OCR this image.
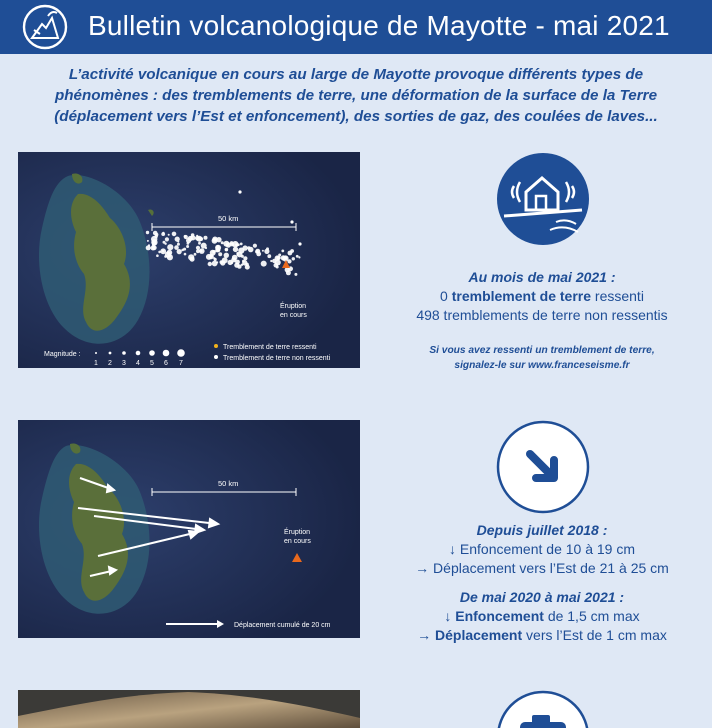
Bulletin volcanologique de Mayotte - mai 2021
L’activité volcanique en cours au large de Mayotte provoque différents types de phénomènes : des tremblements de terre, une déformation de la surface de la Terre (déplacement vers l’Est et enfoncement), des sorties de gaz, des coulées de laves...
50 km
Éruption
en cours
Magnitude :
1 2 3 4 5 6 7
Tremblement de terre ressenti
Tremblement de terre non ressenti
Au mois de mai 2021 :
0 tremblement de terre ressenti
498 tremblements de terre non ressentis
Si vous avez ressenti un tremblement de terre,
signalez-le sur www.franceseisme.fr
50 km
Éruption
en cours
Déplacement cumulé de 20 cm
Depuis juillet 2018 :
↓ Enfoncement de 10 à 19 cm
→ Déplacement vers l’Est de 21 à 25 cm
De mai 2020 à mai 2021 :
↓ Enfoncement de 1,5 cm max
→ Déplacement vers l’Est de 1 cm max
